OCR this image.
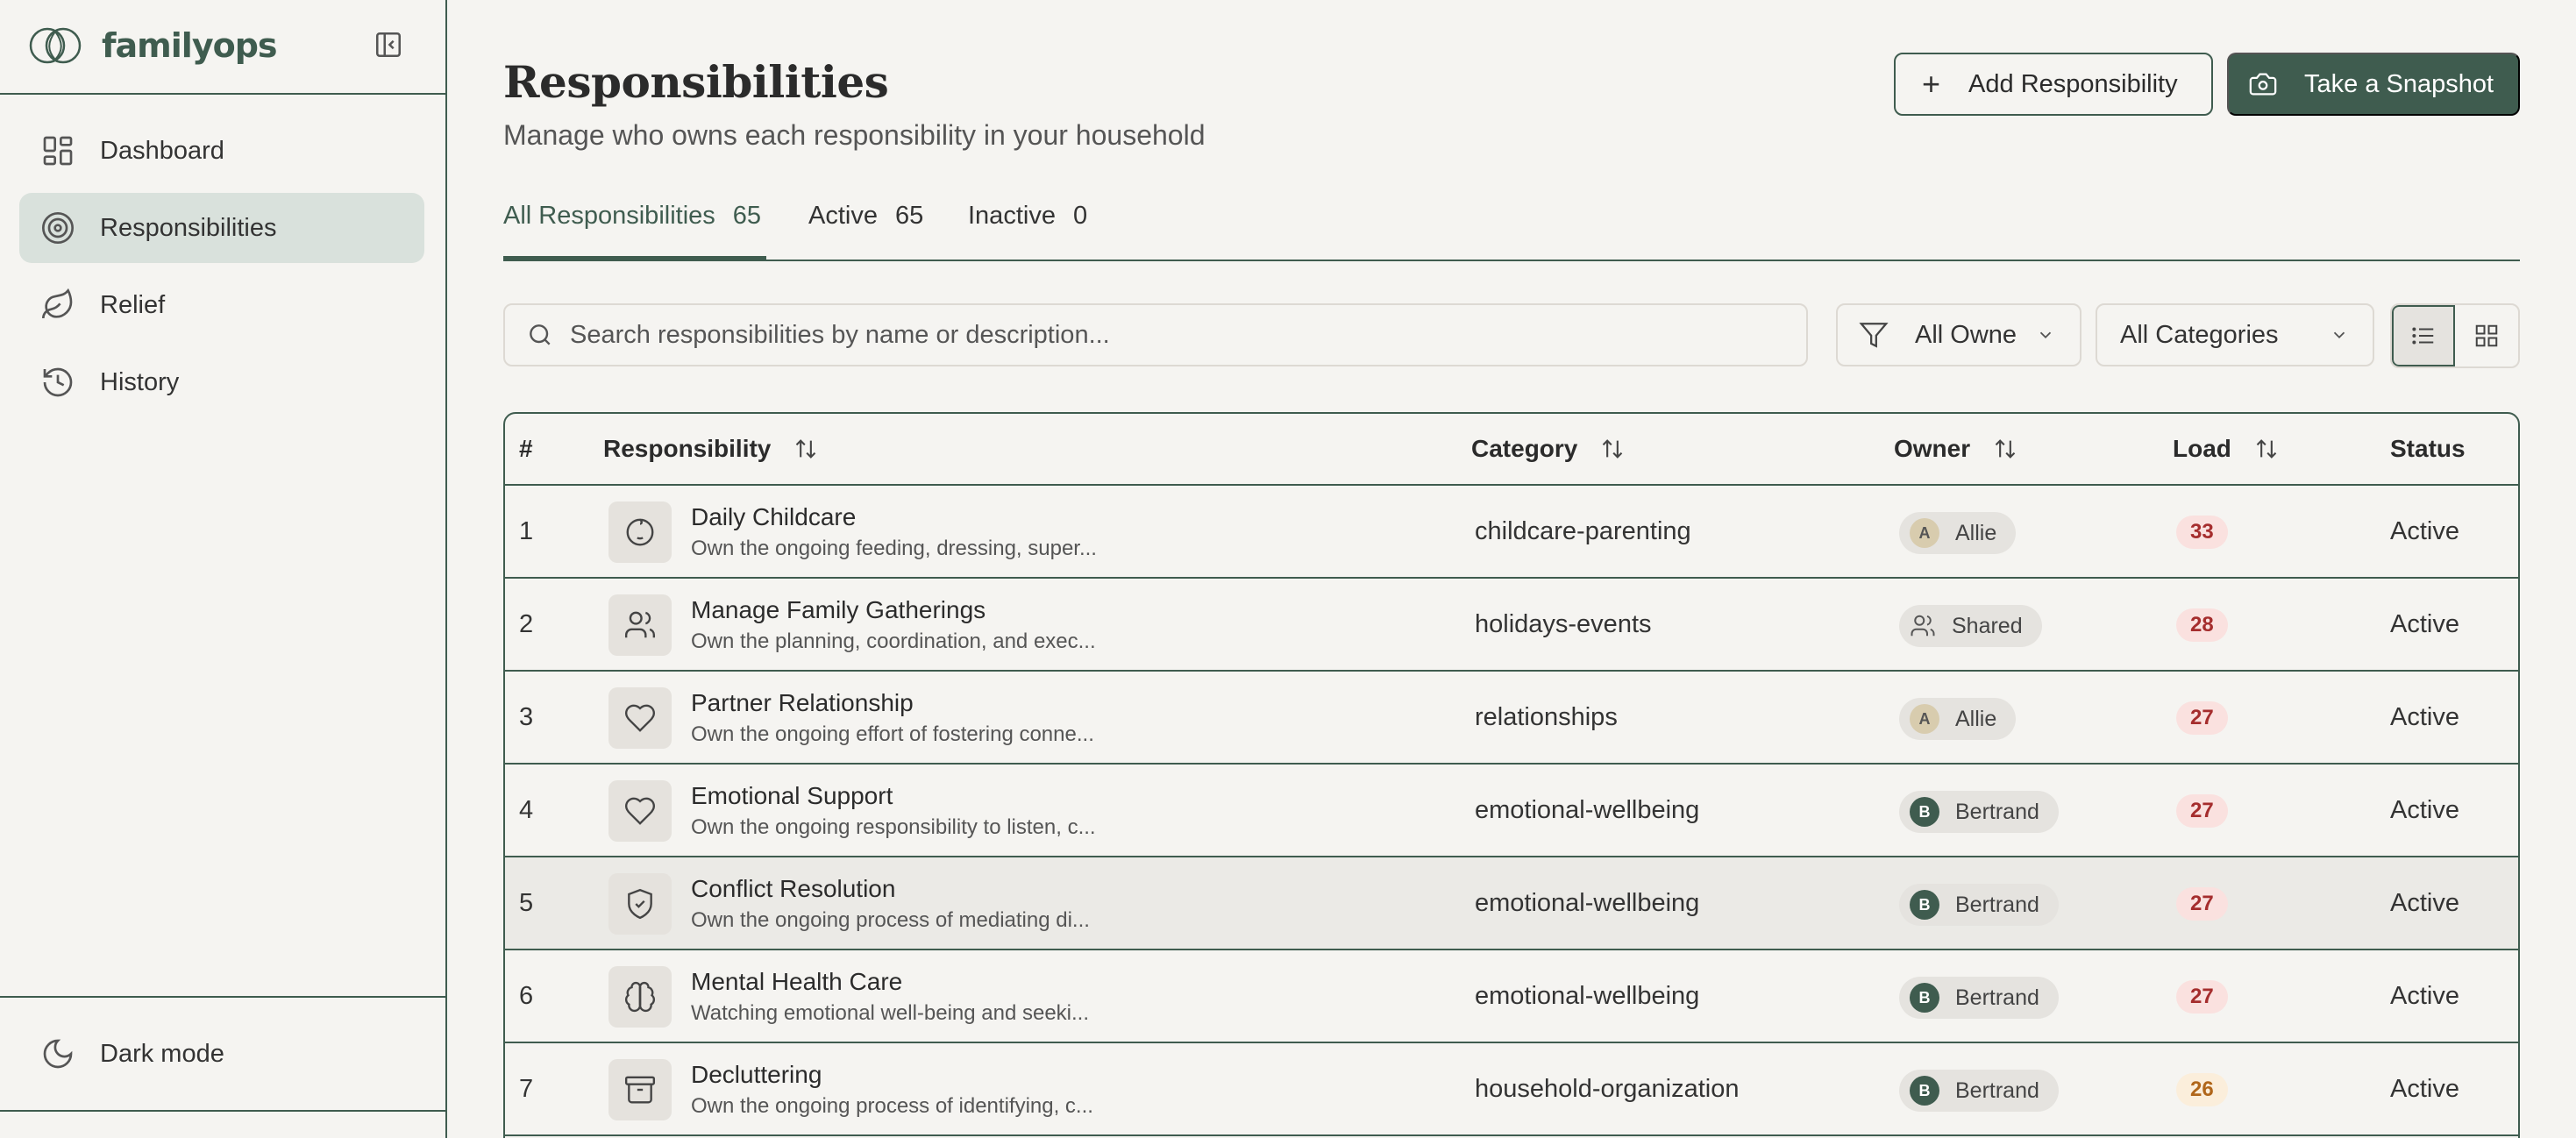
familyops
Dashboard
Responsibilities
Relief
History
Dark mode
Responsibilities

Manage who owns each responsibility in your household

+ Add Responsibility	Take a Snapshot
All Responsibilities 65 Active 65 Inactive 0
Search responsibilities by name or description...
All Owne	All Categories
#	Responsibility	Category	Owner	Load	Status
1
Daily Childcare
Own the ongoing feeding, dressing, super...
childcare-parenting	A	Allie	33	Active
2
Manage Family Gatherings
Own the planning, coordination, and exec...
holidays-events	Shared	28	Active
3
Partner Relationship
Own the ongoing effort of fostering conne...
relationships	A	Allie	27	Active
4
Emotional Support
Own the ongoing responsibility to listen, c...
emotional-wellbeing	B	Bertrand	27	Active
5
Conflict Resolution
Own the ongoing process of mediating di...
emotional-wellbeing	B	Bertrand	27	Active
6
Mental Health Care
Watching emotional well-being and seeki...
emotional-wellbeing	B	Bertrand	27	Active
7
Decluttering
Own the ongoing process of identifying, c...
household-organization	B	Bertrand	26	Active
